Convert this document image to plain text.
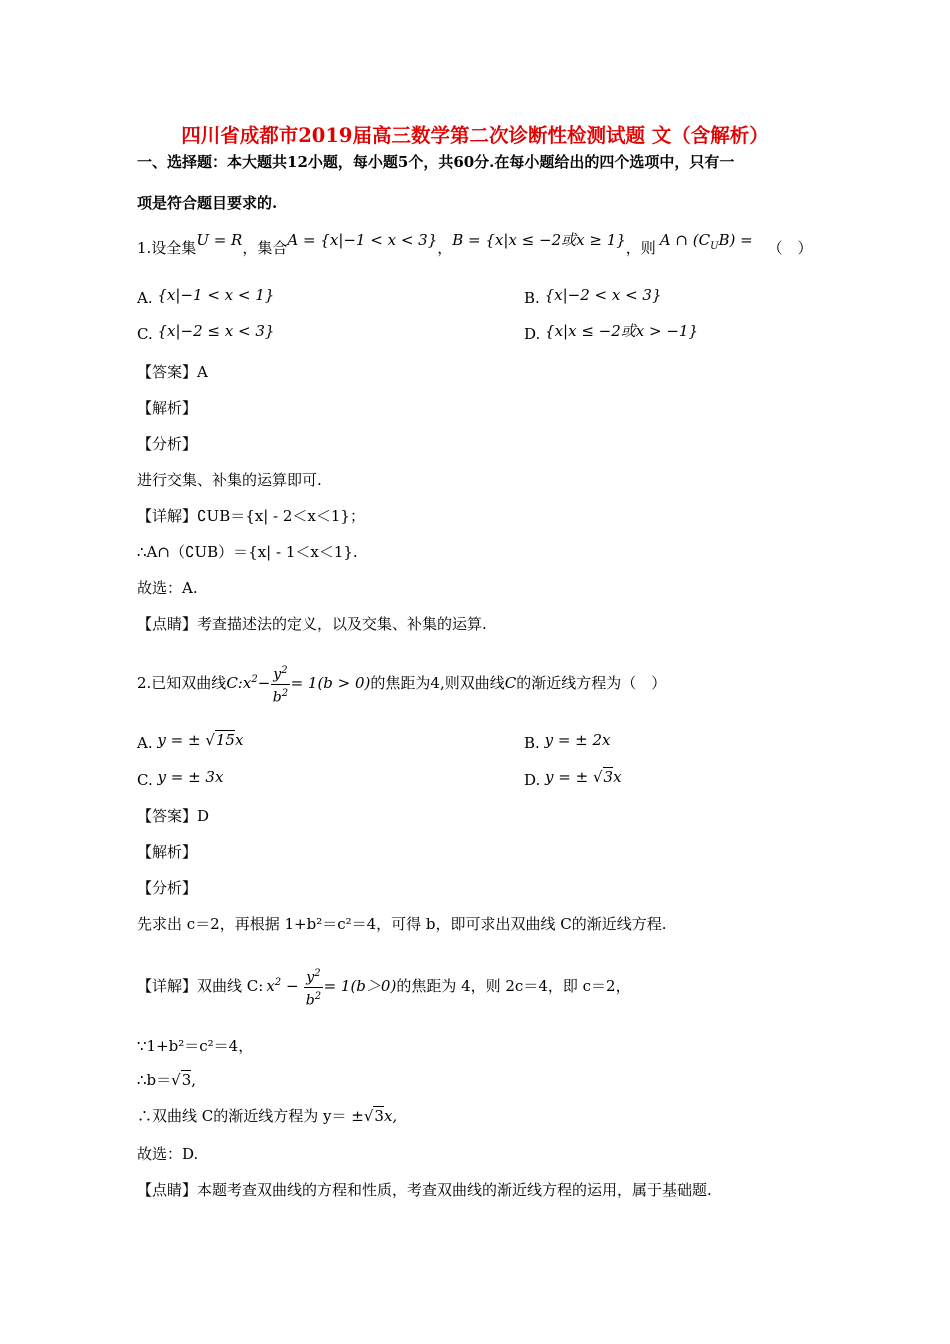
四川省成都市2019届高三数学第二次诊断性检测试题 文（含解析）
一、选择题：本大题共12小题，每小题5个，共60分.在每小题给出的四个选项中，只有一
项是符合题目要求的.
1.设全集U = R，集合A = {x|−1 < x < 3}，B = {x|x ≤ −2或x ≥ 1}，则 A ∩ $(C_UB)$ = （　）
A. {x|−1 < x < 1}	B. {x|−2 < x < 3}
C. {x|−2 ≤ x < 3}	D. {x|x ≤ −2或x > −1}
【答案】A
【解析】
【分析】
进行交集、补集的运算即可.
【详解】∁UB＝{x| - 2＜x＜1}；
∴A∩（∁UB）＝{x| - 1＜x＜1}.
故选：A.
【点睛】考查描述法的定义，以及交集、补集的运算.
2.已知双曲线$C:x^2- \frac{y^2}{b^2} = 1(b > 0)$的焦距为4,则双曲线C的渐近线方程为（　）
A. y = ± √15x	B. y = ± 2x
C. y = ± 3x	D. y = ± √3x
【答案】D
【解析】
【分析】
先求出 c＝2，再根据 1+b²＝c²＝4，可得 b，即可求出双曲线 C的渐近线方程.
【详解】双曲线 C: $x^2 - \frac{y^2}{b^2} = 1(b>0)$的焦距为 4，则 2c＝4，即 c＝2，
∵1+b²＝c²＝4，
∴b＝√3,
∴双曲线 C的渐近线方程为 y＝ ±√3x,
故选：D.
【点睛】本题考查双曲线的方程和性质，考查双曲线的渐近线方程的运用，属于基础题.
